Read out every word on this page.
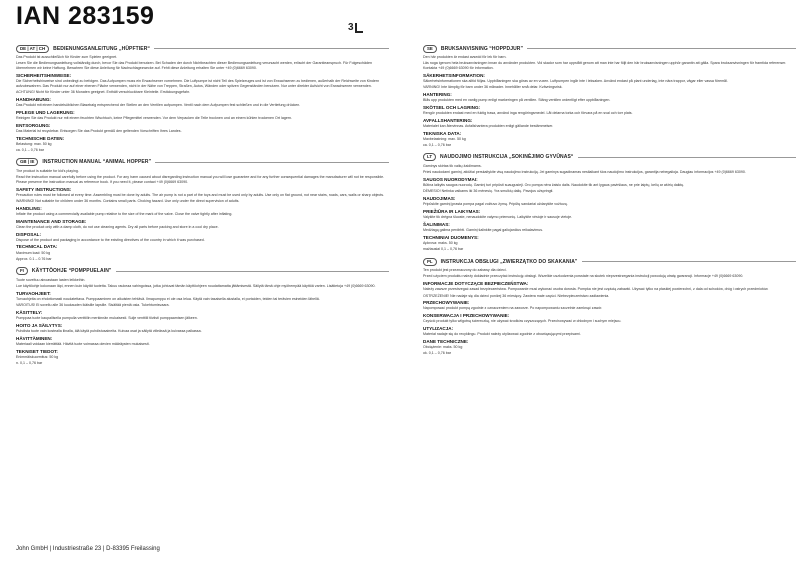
IAN 283159	3
DE | AT | CH	BEDIENUNGSANLEITUNG „HÜPFTIER“
Das Produkt ist ausschließlich für Kinder zum Spielen geeignet.
Lesen Sie die Bedienungsanleitung vollständig durch, bevor Sie das Produkt benutzen. Bei Schaden der durch Nichtbeachten dieser Bedienungsanleitung verursacht werden, erlischt der Garantieanspruch. Für Folgeschäden übernehmen wir keine Haftung. Bewahren Sie diese Anleitung für Nachschlagezwecke auf. Fehlt diese Anleitung erhalten Sie unter +49 (0)6669 63090.
SICHERHEITSHINWEISE:
Die Sicherheitshinweise sind unbedingt zu befolgen. Das Aufpumpen muss ein Erwachsener vornehmen. Die Luftpumpe ist nicht Teil des Spielzeuges und ist von Erwachsenen zu bedienen, außerhalb der Reichweite von Kindern aufzubewahren. Das Produkt nur auf einer ebenen Fläche verwenden, nicht in der Nähe von Treppen, Straßen, Autos, Wänden oder spitzen Gegenständen benutzen. Nur unter direkter Aufsicht von Erwachsenen verwenden.
ACHTUNG! Nicht für Kinder unter 36 Monaten geeignet. Enthält verschluckbare Kleinteile. Erstickungsgefahr.
HANDHABUNG:
Das Produkt mit einem handelsüblichen Blasebalg entsprechend der Stellen an den Ventilen aufpumpen. Ventil nach dem Aufpumpen fest schließen und in die Vertiefung drücken.
PFLEGE UND LAGERUNG:
Reinigen Sie das Produkt nur mit einem feuchten Wischtuch, keine Pflegemittel verwenden. Vor dem Verpacken die Teile trocknen und an einem kühlen trockenen Ort lagern.
ENTSORGUNG:
Das Material ist recyclebar. Entsorgen Sie das Produkt gemäß den geltenden Vorschriften Ihres Landes.
TECHNISCHE DATEN:
Belastung: max. 50 kg
ca. 0,1 – 0,76 bar
GB | IE	INSTRUCTION MANUAL “ANIMAL HOPPER”
The product is suitable for kid's playing.
Read the instruction manual carefully before using the product. For any harm caused about disregarding instruction manual you will lose guarantee and for any further consequential damages the manufacturer will not be responsible. Please preserve the instruction manual as reference book. If you need it, please contact +49 (0)6669 63090.
SAFETY INSTRUCTIONS:
Precaution rules must be followed at every time. Assembling must be done by adults. The air pump is not a part of the toys and must be used only by adults. Use only on flat ground, not near stairs, roads, cars, walls or sharp objects.
WARNING! Not suitable for children under 36 months. Contains small parts. Choking hazard. Use only under the direct supervision of adults.
HANDLING:
Inflate the product using a commercially available pump relative to the size of the mark of the valve. Close the valve tightly after inflating.
MAINTENANCE AND STORAGE:
Clean the product only with a damp cloth, do not use cleaning agents. Dry all parts before packing and store in a cool dry place.
DISPOSAL:
Dispose of the product and packaging in accordance to the existing directives of the country in which it was purchased.
TECHNICAL DATA:
Maximum load: 50 kg
Approx. 0.1 – 0.76 bar
FI	KÄYTTÖOHJE “POMPPUELAIN”
Tuote soveltuu ainoastaan lasten leikkeihin.
Lue käyttöohje kokonaan läpi, ennen kuin käytät tuotetta. Takuu raukeaa vahingoissa, jotka johtuvat tämän käyttöohjeen noudattamatta jättämisestä. Säilytä tämä ohje myöhempää käyttöä varten. Lisätietoja +49 (0)6669 63090.
TURVAOHJEET:
Turvaohjeita on ehdottomasti noudatettava. Pumppaaminen on aikuisten tehtävä. Ilmapumppu ei ole osa lelua. Käytä vain tasaisella alustalla, ei portaiden, teiden tai terävien esineiden lähellä.
VAROITUS! Ei sovellu alle 36 kuukauden ikäisille lapsille. Sisältää pieniä osia. Tukehtumisvaara.
KÄSITTELY:
Pumppaa tuote kaupallisella pumpulla venttiilin merkinnän mukaisesti. Sulje venttiili tiiviisti pumppaamisen jälkeen.
HOITO JA SÄILYTYS:
Puhdista tuote vain kostealla liinalla, älä käytä puhdistusaineita. Kuivaa osat ja säilytä viileässä ja kuivassa paikassa.
HÄVITTÄMINEN:
Materiaali voidaan kierrättää. Hävitä tuote voimassa olevien määräysten mukaisesti.
TEKNISET TIEDOT:
Enimmäiskuormitus: 50 kg
n. 0,1 – 0,76 bar
SE	BRUKSANVISNING “HOPPDJUR”
Den här produkten är endast avsedd för lek för barn.
Läs noga igenom hela bruksanvisningen innan du använder produkten. Vid skador som har uppstått genom att man inte har följt den här bruksanvisningen upphör garantin att gälla. Spara bruksanvisningen för framtida referenser. Kontakta +49 (0)6669 63090 för information.
SÄKERHETSINFORMATION:
Säkerhetsinformationen ska alltid följas. Uppblåsningen ska göras av en vuxen. Luftpumpen ingår inte i leksaken. Använd endast på plant underlag, inte nära trappor, vägar eller vassa föremål.
VARNING! Inte lämplig för barn under 36 månader. Innehåller små delar. Kvävningsrisk.
HANTERING:
Blås upp produkten med en vanlig pump enligt markeringen på ventilen. Stäng ventilen ordentligt efter uppblåsningen.
SKÖTSEL OCH LAGRING:
Rengör produkten endast med en fuktig trasa, använd inga rengöringsmedel. Låt delarna torka och förvara på en sval och torr plats.
AVFALLSHANTERING:
Materialet kan återvinnas. Avfallshantera produkten enligt gällande bestämmelser.
TEKNISKA DATA:
Maxbelastning: max. 50 kg
ca. 0,1 – 0,76 bar
LT	NAUDOJIMO INSTRUKCIJA „SOKINĖJIMO GYVŪNAS“
Gaminys skirtas tik vaikų žaidimams.
Prieš naudodami gaminį, atidžiai perskaitykite visą naudojimo instrukciją. Jei gaminys sugadinamas nesilaikant šios naudojimo instrukcijos, garantija nebegalioja. Daugiau informacijos +49 (0)6669 63090.
SAUGOS NUORODYMAI:
Būtina laikytis saugos nuorodų. Gaminį turi pripūsti suaugusieji. Oro pompa nėra žaislo dalis. Naudokite tik ant lygaus paviršiaus, ne prie laiptų, kelių ar aštrių daiktų.
DĖMESIO! Netinka vaikams iki 36 mėnesių. Yra smulkių dalių. Pavojus užspringti.
NAUDOJIMAS:
Pripūskite gaminį įprasta pompa pagal vožtuvo žymą. Pripūtę sandariai uždarykite vožtuvą.
PRIEŽIŪRA IR LAIKYMAS:
Valykite tik drėgna šluoste, nenaudokite valymo priemonių. Laikykite vėsioje ir sausoje vietoje.
ŠALINIMAS:
Medžiagą galima perdirbti. Gaminį šalinkite pagal galiojančius reikalavimus.
TECHNINIAI DUOMENYS:
Apkrova: maks. 50 kg
mažiausiai 0,1 – 0,76 bar
PL	INSTRUKCJA OBSŁUGI „ZWIERZĄTKO DO SKAKANIA”
Ten produkt jest przeznaczony do zabawy dla dzieci.
Przed użyciem produktu należy dokładnie przeczytać instrukcję obsługi. Wszelkie uszkodzenia powstałe na skutek nieprzestrzegania instrukcji powodują utratę gwarancji. Informacje +49 (0)6669 63090.
INFORMACJE DOTYCZĄCE BEZPIECZEŃSTWA:
Należy zawsze przestrzegać zasad bezpieczeństwa. Pompowanie musi wykonać osoba dorosła. Pompka nie jest częścią zabawki. Używać tylko na płaskiej powierzchni, z dala od schodów, dróg i ostrych przedmiotów.
OSTRZEŻENIE! Nie nadaje się dla dzieci poniżej 36 miesięcy. Zawiera małe części. Niebezpieczeństwo zadławienia.
PRZECHOWYWANIE:
Napompować produkt pompą zgodnie z oznaczeniem na zaworze. Po napompowaniu szczelnie zamknąć zawór.
KONSERWACJA I PRZECHOWYWANIE:
Czyścić produkt tylko wilgotną ściereczką, nie używać środków czyszczących. Przechowywać w chłodnym i suchym miejscu.
UTYLIZACJA:
Materiał nadaje się do recyklingu. Produkt należy utylizować zgodnie z obowiązującymi przepisami.
DANE TECHNICZNE:
Obciążenie: maks. 50 kg
ok. 0,1 – 0,76 bar
John GmbH | Industriestraße 23 | D-83395 Freilassing
